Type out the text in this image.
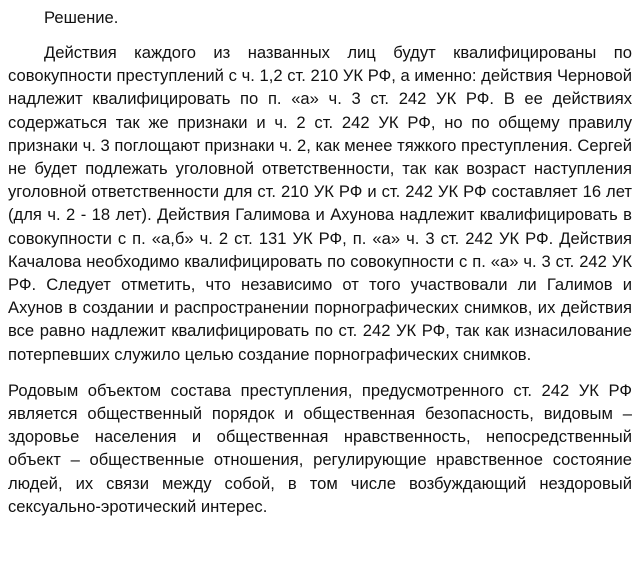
Решение.

Действия каждого из названных лиц будут квалифицированы по совокупности преступлений с ч. 1,2 ст. 210 УК РФ, а именно: действия Черновой надлежит квалифицировать по п. «а» ч. 3 ст. 242 УК РФ. В ее действиях содержаться так же признаки и ч. 2 ст. 242 УК РФ, но по общему правилу признаки ч. 3 поглощают признаки ч. 2, как менее тяжкого преступления. Сергей не будет подлежать уголовной ответственности, так как возраст наступления уголовной ответственности для ст. 210 УК РФ и ст. 242 УК РФ составляет 16 лет (для ч. 2 - 18 лет). Действия Галимова и Ахунова надлежит квалифицировать в совокупности с п. «а,б» ч. 2 ст. 131 УК РФ, п. «а» ч. 3 ст. 242 УК РФ. Действия Качалова необходимо квалифицировать по совокупности с п. «а» ч. 3 ст. 242 УК РФ. Следует отметить, что независимо от того участвовали ли Галимов и Ахунов в создании и распространении порнографических снимков, их действия все равно надлежит квалифицировать по ст. 242 УК РФ, так как изнасилование потерпевших служило целью создание порнографических снимков.

Родовым объектом состава преступления, предусмотренного ст. 242 УК РФ является общественный порядок и общественная безопасность, видовым – здоровье населения и общественная нравственность, непосредственный объект – общественные отношения, регулирующие нравственное состояние людей, их связи между собой, в том числе возбуждающий нездоровый сексуально-эротический интерес.
